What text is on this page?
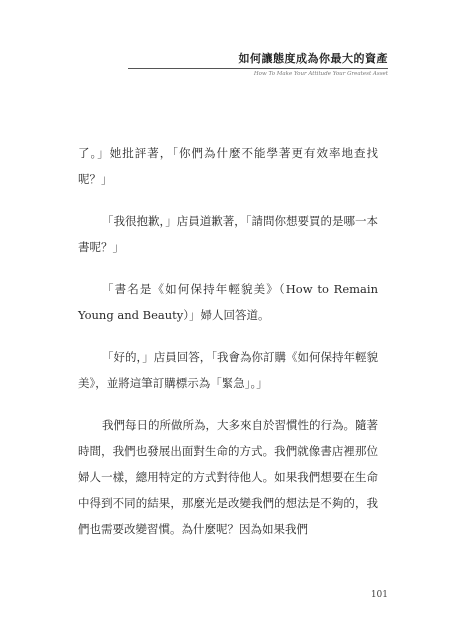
如何讓態度成為你最大的資產
How To Make Your Attitude Your Greatest Asset

了。」她批評著，「你們為什麼不能學著更有效率地查找呢？」

「我很抱歉，」店員道歉著，「請問你想要買的是哪一本書呢？」

「書名是《如何保持年輕貌美》（How to Remain Young and Beauty）」婦人回答道。

「好的，」店員回答，「我會為你訂購《如何保持年輕貌美》，並將這筆訂購標示為「緊急」。」

我們每日的所做所為，大多來自於習慣性的行為。隨著時間，我們也發展出面對生命的方式。我們就像書店裡那位婦人一樣，總用特定的方式對待他人。如果我們想要在生命中得到不同的結果，那麼光是改變我們的想法是不夠的，我們也需要改變習慣。為什麼呢？因為如果我們

101
